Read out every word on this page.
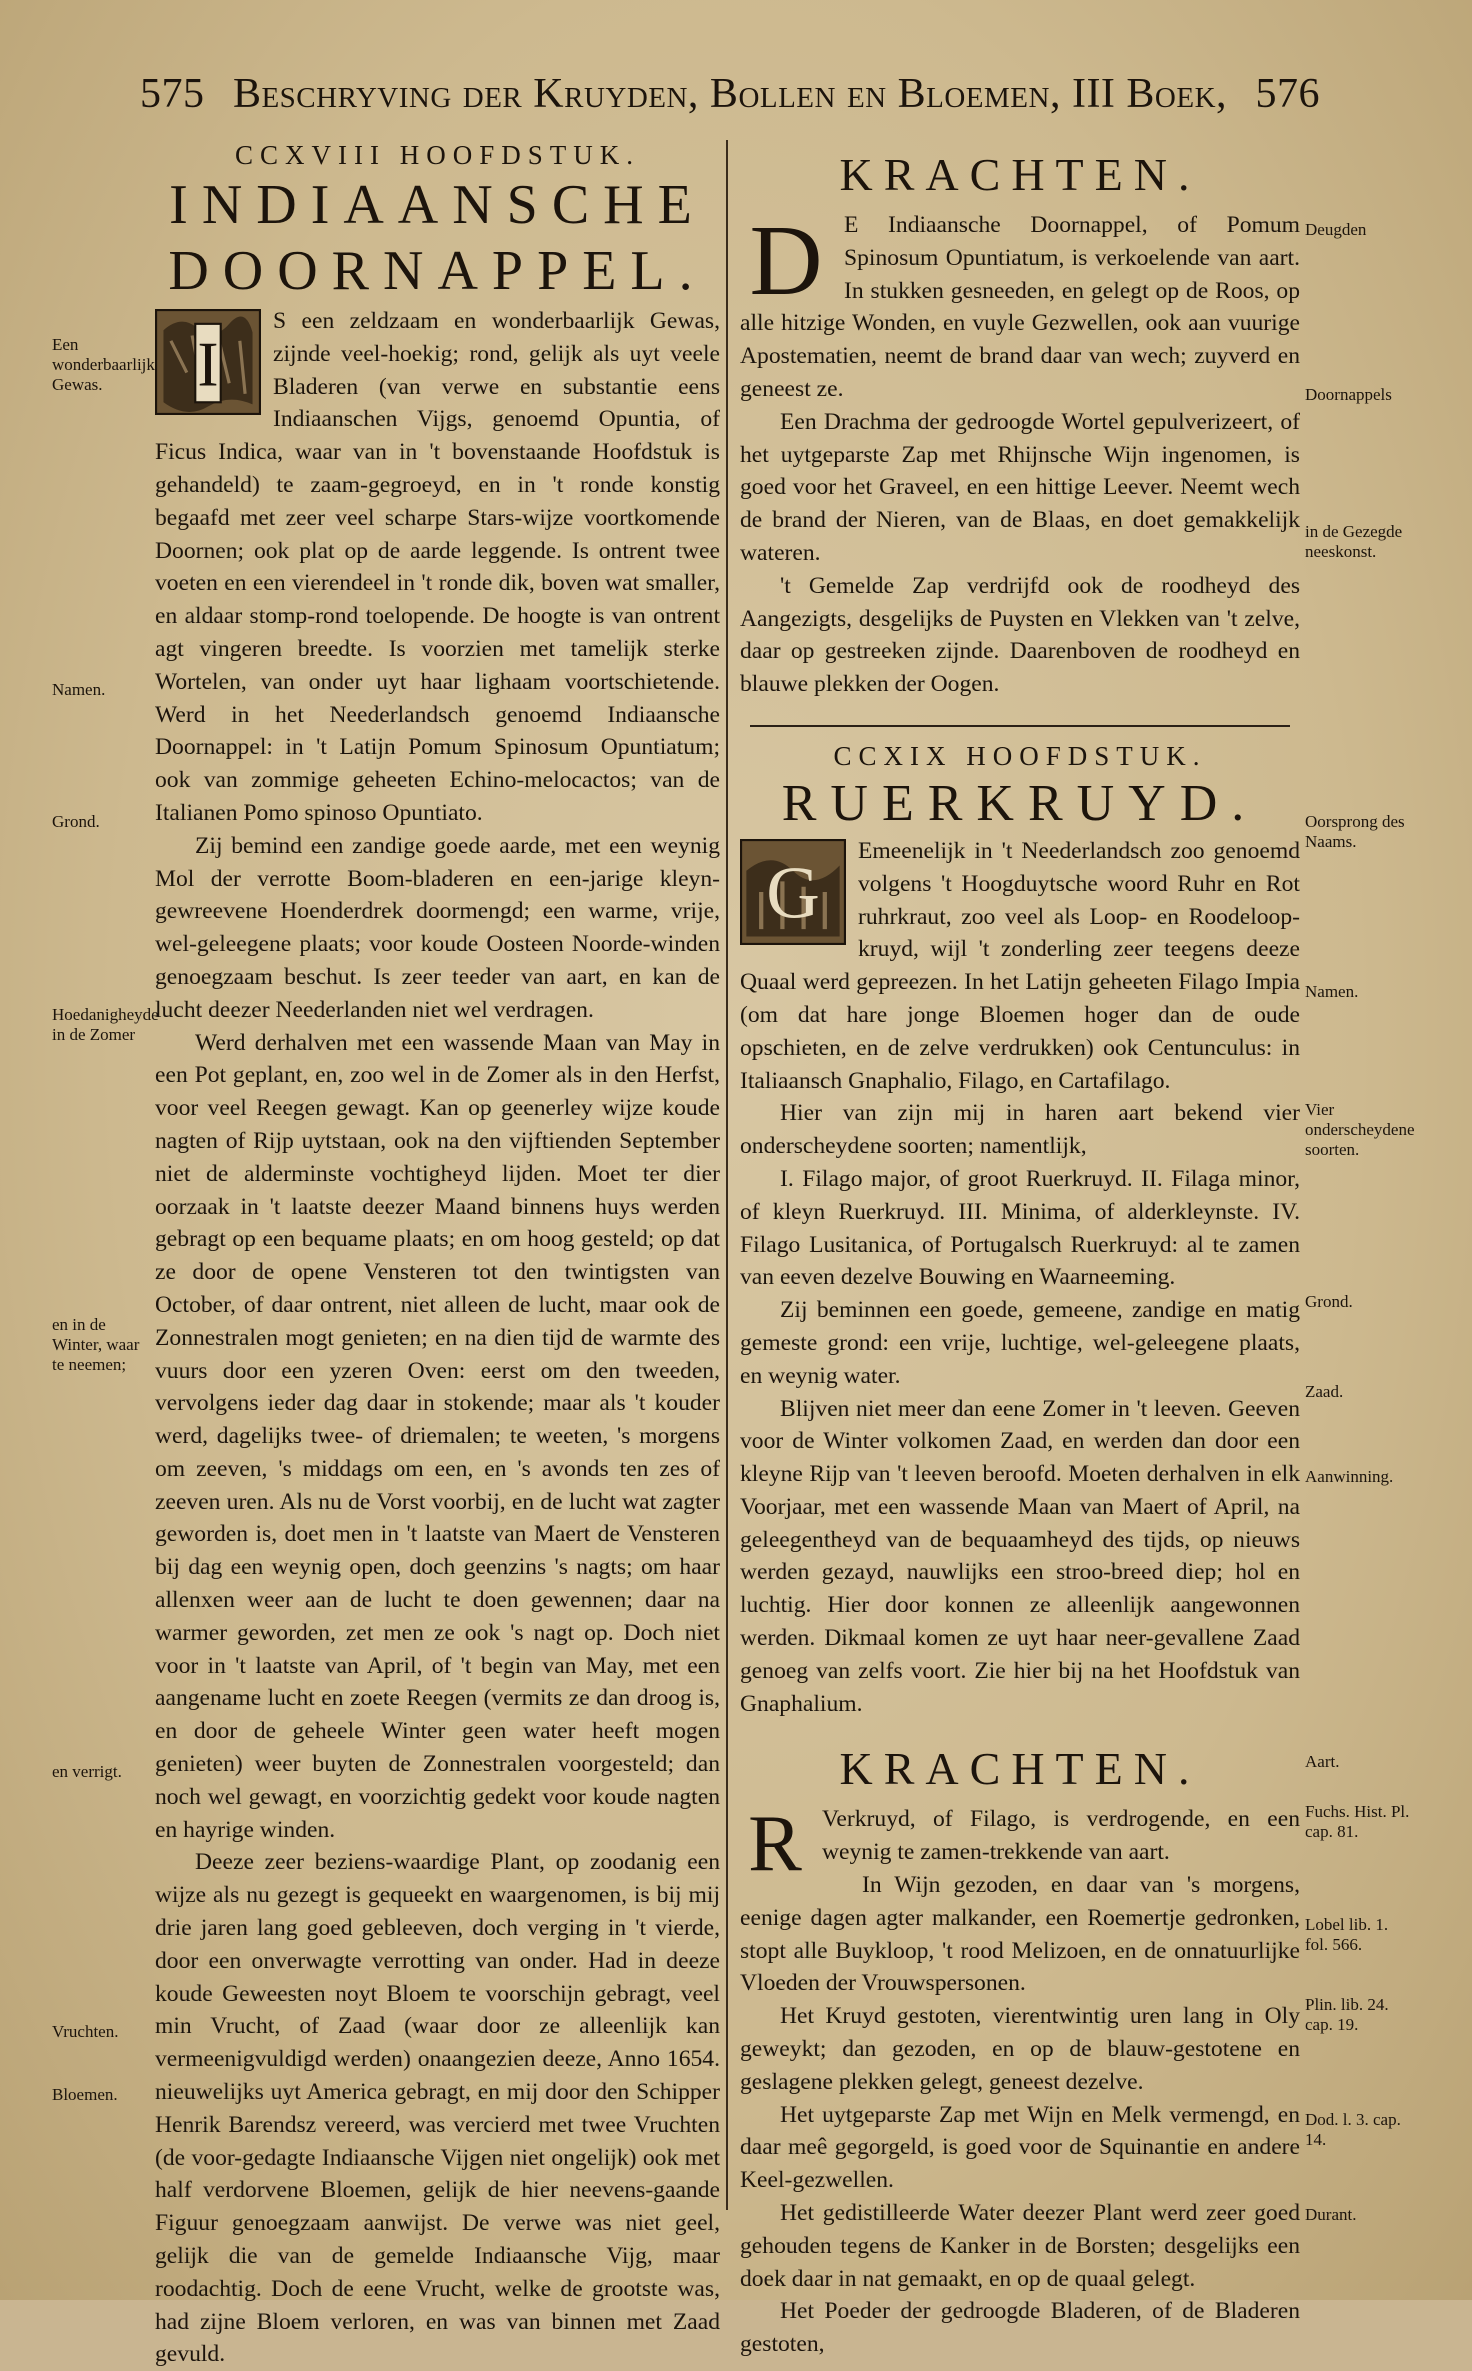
575 Beschryving der Kruyden, Bollen en Bloemen, III Boek, 576

CCXVIII HOOFDSTUK.

INDIAANSCHE
DOORNAPPEL.
I

S een zeldzaam en wonderbaarlijk Gewas, zijnde veel-hoekig; rond, gelijk als uyt veele Bladeren (van verwe en substantie eens Indiaanschen Vijgs, genoemd Opuntia, of Ficus Indica, waar van in 't bovenstaande Hoofdstuk is gehandeld) te zaam-gegroeyd, en in 't ronde konstig begaafd met zeer veel scharpe Stars-wijze voortkomende Doornen; ook plat op de aarde leggende. Is ontrent twee voeten en een vierendeel in 't ronde dik, boven wat smaller, en aldaar stomp-rond toelopende. De hoogte is van ontrent agt vingeren breedte. Is voorzien met tamelijk sterke Wortelen, van onder uyt haar lighaam voortschietende. Werd in het Neederlandsch genoemd Indiaansche Doornappel: in 't Latijn Pomum Spinosum Opuntiatum; ook van zommige geheeten Echino-melocactos; van de Italianen Pomo spinoso Opuntiato.

Zij bemind een zandige goede aarde, met een weynig Mol der verrotte Boom-bladeren en een-jarige kleyn-gewreevene Hoenderdrek doormengd; een warme, vrije, wel-geleegene plaats; voor koude Oosteen Noorde-winden genoegzaam beschut. Is zeer teeder van aart, en kan de lucht deezer Neederlanden niet wel verdragen.

Werd derhalven met een wassende Maan van May in een Pot geplant, en, zoo wel in de Zomer als in den Herfst, voor veel Reegen gewagt. Kan op geenerley wijze koude nagten of Rijp uytstaan, ook na den vijftienden September niet de alderminste vochtigheyd lijden. Moet ter dier oorzaak in 't laatste deezer Maand binnens huys werden gebragt op een bequame plaats; en om hoog gesteld; op dat ze door de opene Vensteren tot den twintigsten van October, of daar ontrent, niet alleen de lucht, maar ook de Zonnestralen mogt genieten; en na dien tijd de warmte des vuurs door een yzeren Oven: eerst om den tweeden, vervolgens ieder dag daar in stokende; maar als 't kouder werd, dagelijks twee- of driemalen; te weeten, 's morgens om zeeven, 's middags om een, en 's avonds ten zes of zeeven uren. Als nu de Vorst voorbij, en de lucht wat zagter geworden is, doet men in 't laatste van Maert de Vensteren bij dag een weynig open, doch geenzins 's nagts; om haar allenxen weer aan de lucht te doen gewennen; daar na warmer geworden, zet men ze ook 's nagt op. Doch niet voor in 't laatste van April, of 't begin van May, met een aangename lucht en zoete Reegen (vermits ze dan droog is, en door de geheele Winter geen water heeft mogen genieten) weer buyten de Zonnestralen voorgesteld; dan noch wel gewagt, en voorzichtig gedekt voor koude nagten en hayrige winden.

Deeze zeer beziens-waardige Plant, op zoodanig een wijze als nu gezegt is gequeekt en waargenomen, is bij mij drie jaren lang goed gebleeven, doch verging in 't vierde, door een onverwagte verrotting van onder. Had in deeze koude Geweesten noyt Bloem te voorschijn gebragt, veel min Vrucht, of Zaad (waar door ze alleenlijk kan vermeenigvuldigd werden) onaangezien deeze, Anno 1654. nieuwelijks uyt America gebragt, en mij door den Schipper Henrik Barendsz vereerd, was vercierd met twee Vruchten (de voor-gedagte Indiaansche Vijgen niet ongelijk) ook met half verdorvene Bloemen, gelijk de hier neevens-gaande Figuur genoegzaam aanwijst. De verwe was niet geel, gelijk die van de gemelde Indiaansche Vijg, maar roodachtig. Doch de eene Vrucht, welke de grootste was, had zijne Bloem verloren, en was van binnen met Zaad gevuld.

Een wonderbaarlijk Gewas.
Namen.
Grond.
Hoedanigheyde in de Zomer
en in de Winter, waar te neemen;
en verrigt.
Vruchten.
Bloemen.
KRACHTEN.
D E Indiaansche Doornappel, of Pomum Spinosum Opuntiatum, is verkoelende van aart. In stukken gesneeden, en gelegt op de Roos, op alle hitzige Wonden, en vuyle Gezwellen, ook aan vuurige Apostematien, neemt de brand daar van wech; zuyverd en geneest ze.

Een Drachma der gedroogde Wortel gepulverizeert, of het uytgeparste Zap met Rhijnsche Wijn ingenomen, is goed voor het Graveel, en een hittige Leever. Neemt wech de brand der Nieren, van de Blaas, en doet gemakkelijk wateren.

't Gemelde Zap verdrijfd ook de roodheyd des Aangezigts, desgelijks de Puysten en Vlekken van 't zelve, daar op gestreeken zijnde. Daarenboven de roodheyd en blauwe plekken der Oogen.

CCXIX HOOFDSTUK.

RUERKRUYD.
G

Emeenelijk in 't Neederlandsch zoo genoemd volgens 't Hoogduytsche woord Ruhr en Rot ruhrkraut, zoo veel als Loop- en Roodeloop-kruyd, wijl 't zonderling zeer teegens deeze Quaal werd gepreezen. In het Latijn geheeten Filago Impia (om dat hare jonge Bloemen hoger dan de oude opschieten, en de zelve verdrukken) ook Centunculus: in Italiaansch Gnaphalio, Filago, en Cartafilago.

Hier van zijn mij in haren aart bekend vier onderscheydene soorten; namentlijk,

I. Filago major, of groot Ruerkruyd. II. Filaga minor, of kleyn Ruerkruyd. III. Minima, of alderkleynste. IV. Filago Lusitanica, of Portugalsch Ruerkruyd: al te zamen van eeven dezelve Bouwing en Waarneeming.

Zij beminnen een goede, gemeene, zandige en matig gemeste grond: een vrije, luchtige, wel-geleegene plaats, en weynig water.

Blijven niet meer dan eene Zomer in 't leeven. Geeven voor de Winter volkomen Zaad, en werden dan door een kleyne Rijp van 't leeven beroofd. Moeten derhalven in elk Voorjaar, met een wassende Maan van Maert of April, na geleegentheyd van de bequaamheyd des tijds, op nieuws werden gezayd, nauwlijks een stroo-breed diep; hol en luchtig. Hier door konnen ze alleenlijk aangewonnen werden. Dikmaal komen ze uyt haar neer-gevallene Zaad genoeg van zelfs voort. Zie hier bij na het Hoofdstuk van Gnaphalium.

KRACHTEN.
R Verkruyd, of Filago, is verdrogende, en een weynig te zamen-trekkende van aart.

In Wijn gezoden, en daar van 's morgens, eenige dagen agter malkander, een Roemertje gedronken, stopt alle Buykloop, 't rood Melizoen, en de onnatuurlijke Vloeden der Vrouwspersonen.

Het Kruyd gestoten, vierentwintig uren lang in Oly geweykt; dan gezoden, en op de blauw-gestotene en geslagene plekken gelegt, geneest dezelve.

Het uytgeparste Zap met Wijn en Melk vermengd, en daar meê gegorgeld, is goed voor de Squinantie en andere Keel-gezwellen.

Het gedistilleerde Water deezer Plant werd zeer goed gehouden tegens de Kanker in de Borsten; desgelijks een doek daar in nat gemaakt, en op de quaal gelegt.

Het Poeder der gedroogde Bladeren, of de Bladeren gestoten,

Deugden
Doornappels
in de Gezegde neeskonst.
Oorsprong des Naams.
Namen.
Vier onderscheydene soorten.
Grond.
Zaad.
Aanwinning.
Aart.
Fuchs. Hist. Pl. cap. 81.
Lobel lib. 1. fol. 566.
Plin. lib. 24. cap. 19.
Dod. l. 3. cap. 14.
Durant.
